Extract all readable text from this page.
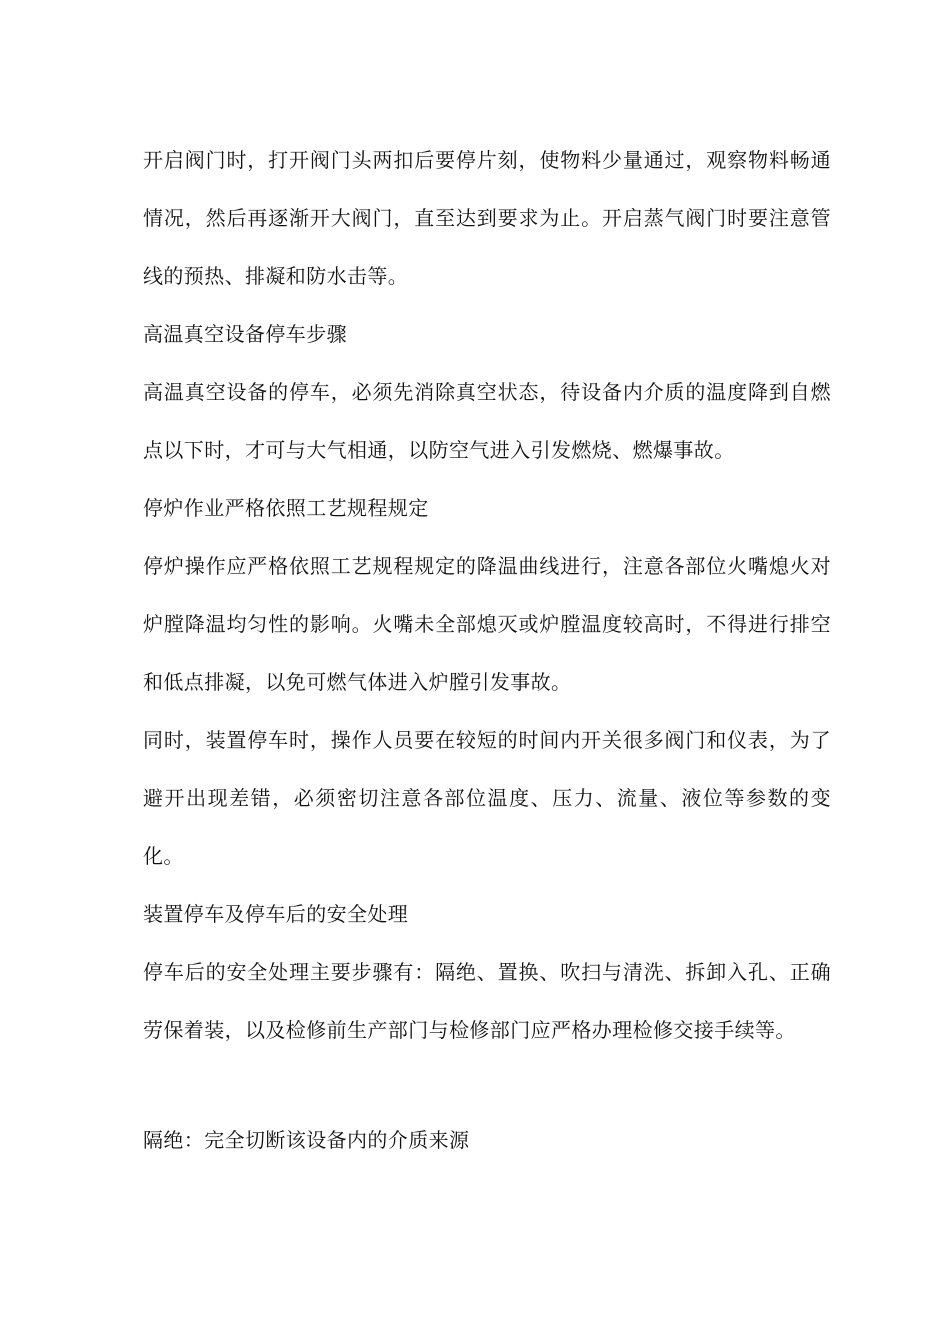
开启阀门时，打开阀门头两扣后要停片刻，使物料少量通过，观察物料畅通情况，然后再逐渐开大阀门，直至达到要求为止。开启蒸气阀门时要注意管线的预热、排凝和防水击等。

高温真空设备停车步骤

高温真空设备的停车，必须先消除真空状态，待设备内介质的温度降到自燃点以下时，才可与大气相通，以防空气进入引发燃烧、燃爆事故。

停炉作业严格依照工艺规程规定

停炉操作应严格依照工艺规程规定的降温曲线进行，注意各部位火嘴熄火对炉膛降温均匀性的影响。火嘴未全部熄灭或炉膛温度较高时，不得进行排空和低点排凝，以免可燃气体进入炉膛引发事故。

同时，装置停车时，操作人员要在较短的时间内开关很多阀门和仪表，为了避开出现差错，必须密切注意各部位温度、压力、流量、液位等参数的变化。

装置停车及停车后的安全处理

停车后的安全处理主要步骤有：隔绝、置换、吹扫与清洗、拆卸入孔、正确劳保着装，以及检修前生产部门与检修部门应严格办理检修交接手续等。

隔绝：完全切断该设备内的介质来源
